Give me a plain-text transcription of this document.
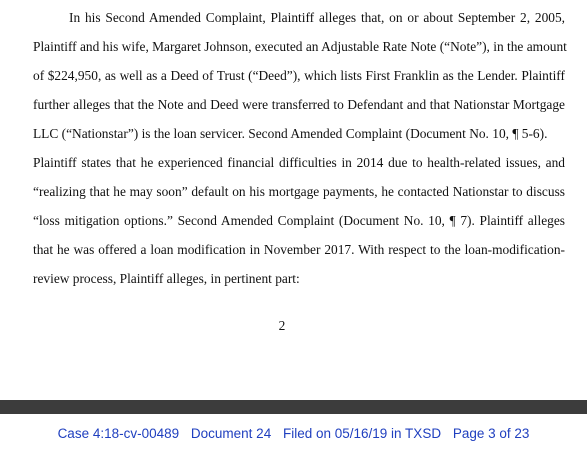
In his Second Amended Complaint, Plaintiff alleges that, on or about September 2, 2005,
Plaintiff and his wife, Margaret Johnson, executed an Adjustable Rate Note (“Note”), in the amount
of $224,950, as well as a Deed of Trust (“Deed”), which lists First Franklin as the Lender. Plaintiff
further alleges that the Note and Deed were transferred to Defendant and that Nationstar Mortgage
LLC (“Nationstar”) is the loan servicer. Second Amended Complaint (Document No. 10, ¶ 5-6).
Plaintiff states that he experienced financial difficulties in 2014 due to health-related issues, and
“realizing that he may soon” default on his mortgage payments, he contacted Nationstar to discuss
“loss mitigation options.” Second Amended Complaint (Document No. 10, ¶ 7). Plaintiff alleges
that he was offered a loan modification in November 2017. With respect to the loan-modification-
review process, Plaintiff alleges, in pertinent part:
2
Case 4:18-cv-00489 Document 24 Filed on 05/16/19 in TXSD Page 3 of 23
